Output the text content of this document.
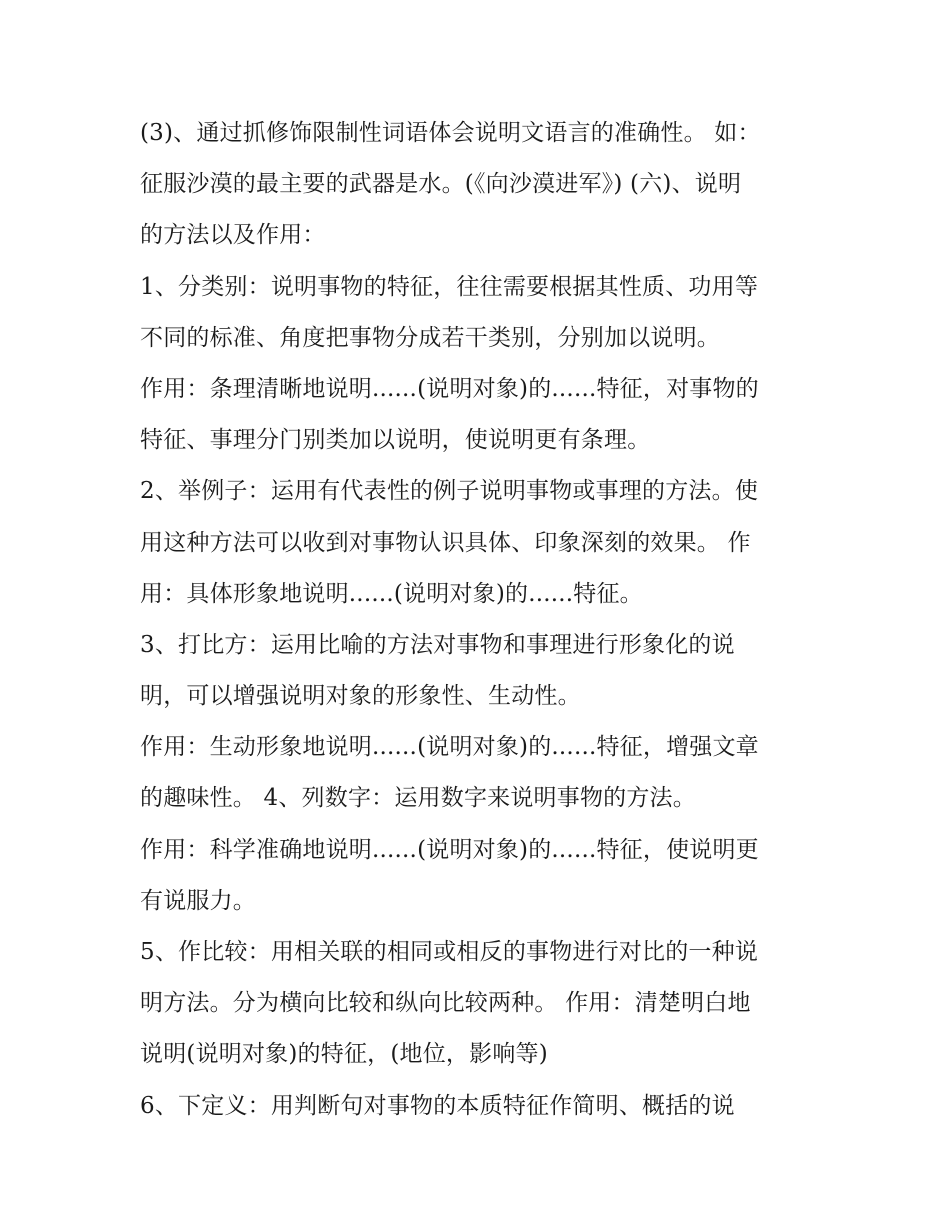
(3)、通过抓修饰限制性词语体会说明文语言的准确性。 如：
征服沙漠的最主要的武器是水。(《向沙漠进军》) (六)、说明
的方法以及作用：
1、分类别：说明事物的特征，往往需要根据其性质、功用等
不同的标准、角度把事物分成若干类别，分别加以说明。
作用：条理清晰地说明......(说明对象)的......特征，对事物的
特征、事理分门别类加以说明，使说明更有条理。
2、举例子：运用有代表性的例子说明事物或事理的方法。使
用这种方法可以收到对事物认识具体、印象深刻的效果。 作
用：具体形象地说明......(说明对象)的......特征。
3、打比方：运用比喻的方法对事物和事理进行形象化的说
明，可以增强说明对象的形象性、生动性。
作用：生动形象地说明......(说明对象)的......特征，增强文章
的趣味性。 4、列数字：运用数字来说明事物的方法。
作用：科学准确地说明......(说明对象)的......特征，使说明更
有说服力。
5、作比较：用相关联的相同或相反的事物进行对比的一种说
明方法。分为横向比较和纵向比较两种。 作用：清楚明白地
说明(说明对象)的特征，(地位，影响等)
6、下定义：用判断句对事物的本质特征作简明、概括的说
